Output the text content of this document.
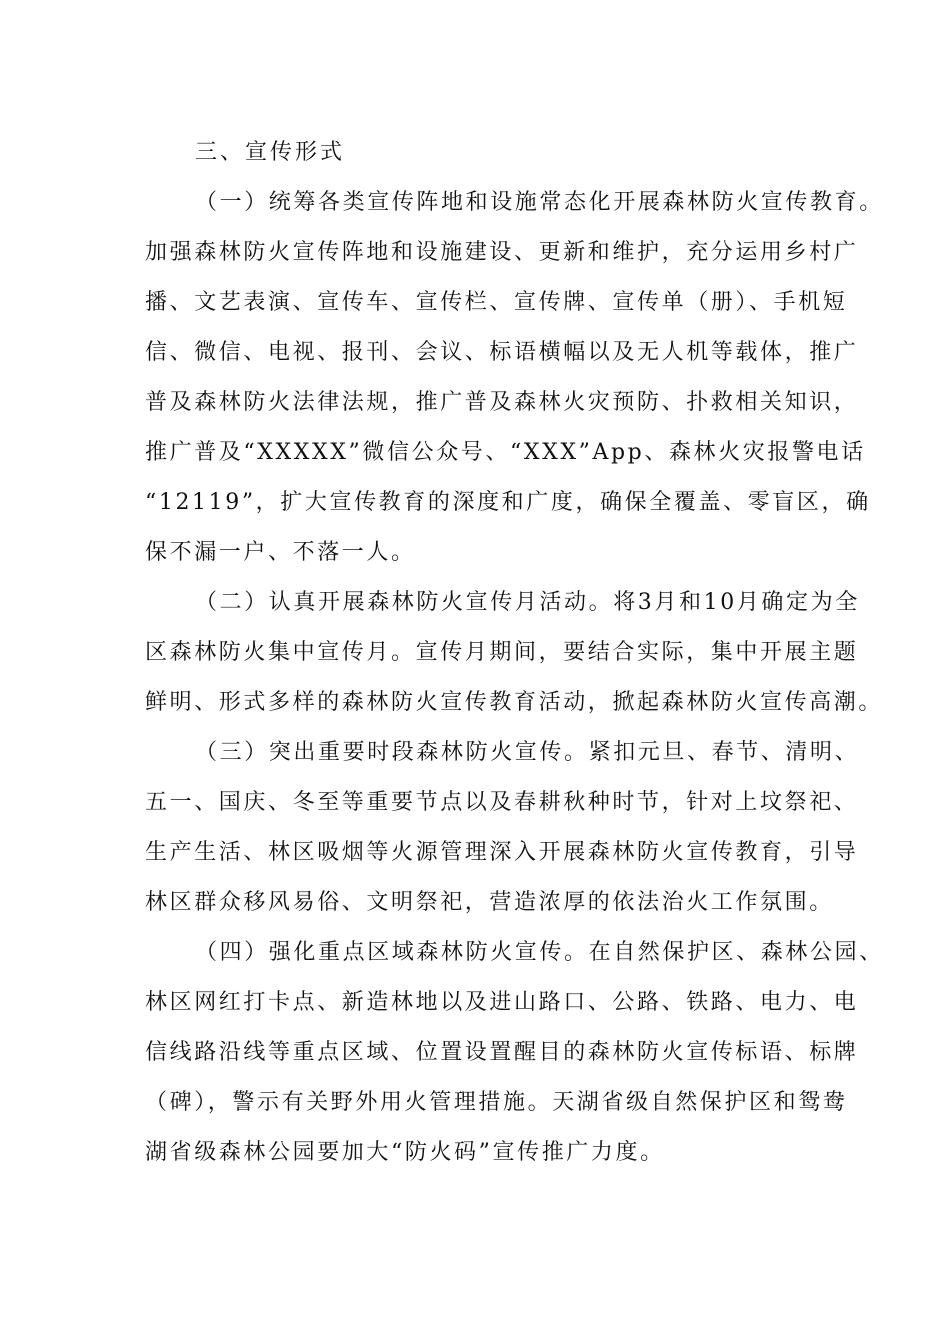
三、宣传形式
（一）统筹各类宣传阵地和设施常态化开展森林防火宣传教育。
加强森林防火宣传阵地和设施建设、更新和维护，充分运用乡村广
播、文艺表演、宣传车、宣传栏、宣传牌、宣传单（册）、手机短
信、微信、电视、报刊、会议、标语横幅以及无人机等载体，推广
普及森林防火法律法规，推广普及森林火灾预防、扑救相关知识，
推广普及“XXXXX”微信公众号、“XXX”App、森林火灾报警电话
“12119”，扩大宣传教育的深度和广度，确保全覆盖、零盲区，确
保不漏一户、不落一人。
（二）认真开展森林防火宣传月活动。将3月和10月确定为全
区森林防火集中宣传月。宣传月期间，要结合实际，集中开展主题
鲜明、形式多样的森林防火宣传教育活动，掀起森林防火宣传高潮。
（三）突出重要时段森林防火宣传。紧扣元旦、春节、清明、
五一、国庆、冬至等重要节点以及春耕秋种时节，针对上坟祭祀、
生产生活、林区吸烟等火源管理深入开展森林防火宣传教育，引导
林区群众移风易俗、文明祭祀，营造浓厚的依法治火工作氛围。
（四）强化重点区域森林防火宣传。在自然保护区、森林公园、
林区网红打卡点、新造林地以及进山路口、公路、铁路、电力、电
信线路沿线等重点区域、位置设置醒目的森林防火宣传标语、标牌
（碑），警示有关野外用火管理措施。天湖省级自然保护区和鸳鸯
湖省级森林公园要加大“防火码”宣传推广力度。
